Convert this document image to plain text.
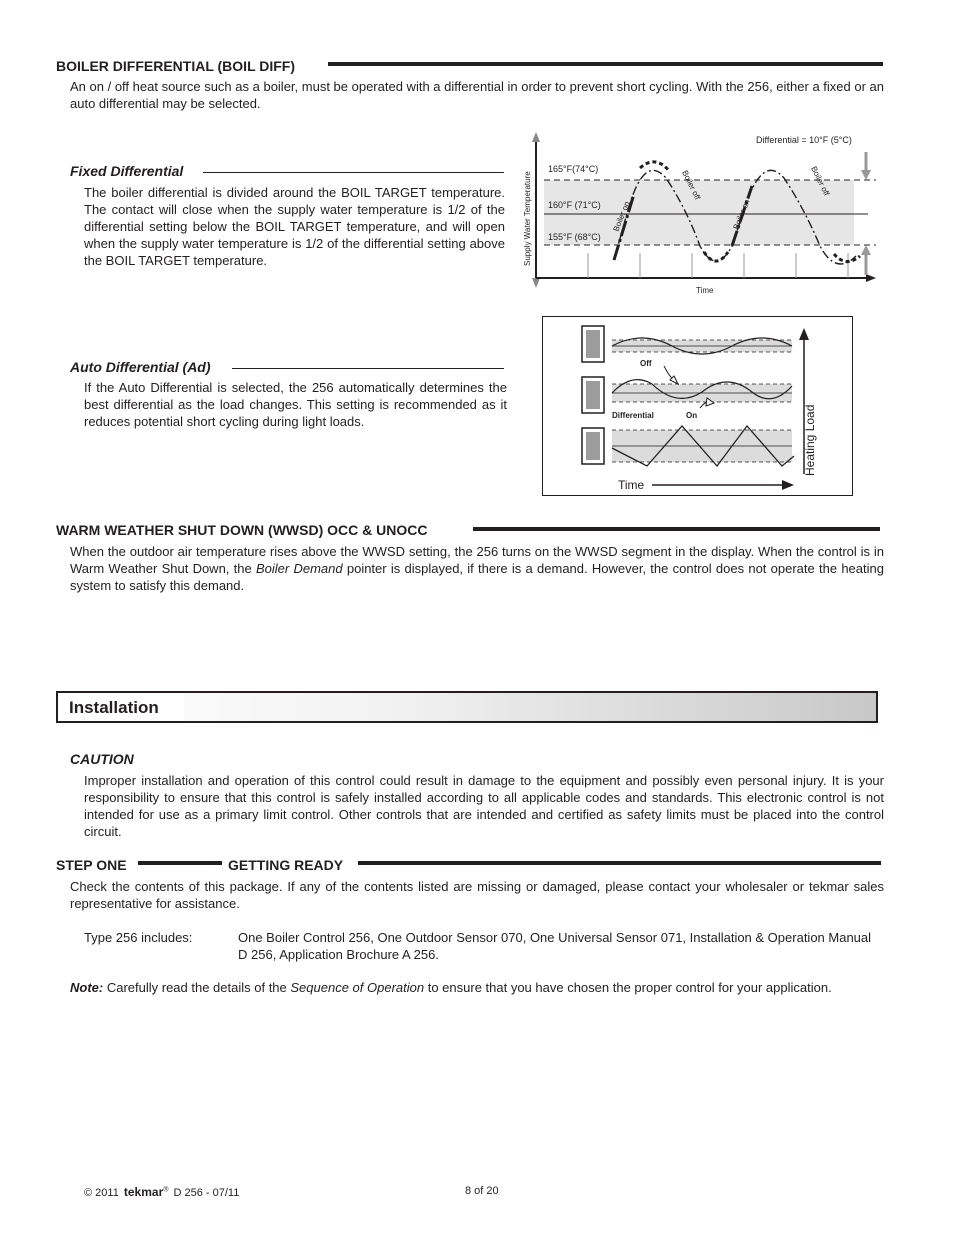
BOILER DIFFERENTIAL (BOIL DIFF)

An on / off heat source such as a boiler, must be operated with a differential in order to prevent short cycling. With the 256, either a fixed or an auto differential may be selected.

Fixed Differential

The boiler differential is divided around the BOIL TARGET temperature. The contact will close when the supply water temperature is 1/2 of the differential setting below the BOIL TARGET temperature, and will open when the supply water temperature is 1/2 of the differential setting above the BOIL TARGET temperature.

Differential = 10°F (5°C)
165°F(74°C)
160°F (71°C)
155°F (68°C)
Supply Water Temperature
Time
Boiler on	Boiler on
Boiler off	Boiler off
Auto Differential (Ad)

If the Auto Differential is selected, the 256 automatically determines the best differential as the load changes. This setting is recommended as it reduces potential short cycling during light loads.

Off
On
Differential
Time
Heating Load
WARM WEATHER SHUT DOWN (WWSD) OCC & UNOCC

When the outdoor air temperature rises above the WWSD setting, the 256 turns on the WWSD segment in the display. When the control is in Warm Weather Shut Down, the Boiler Demand pointer is displayed, if there is a demand. However, the control does not operate the heating system to satisfy this demand.

Installation
CAUTION

Improper installation and operation of this control could result in damage to the equipment and possibly even personal injury. It is your responsibility to ensure that this control is safely installed according to all applicable codes and standards. This electronic control is not intended for use as a primary limit control. Other controls that are intended and certified as safety limits must be placed into the control circuit.

STEP ONE	GETTING READY

Check the contents of this package. If any of the contents listed are missing or damaged, please contact your wholesaler or tekmar sales representative for assistance.

Type 256 includes:	One Boiler Control 256, One Outdoor Sensor 070, One Universal Sensor 071, Installation & Operation Manual D 256, Application Brochure A 256.
Note: Carefully read the details of the Sequence of Operation to ensure that you have chosen the proper control for your application.
© 2011 tekmar® D 256 - 07/11	8 of 20
